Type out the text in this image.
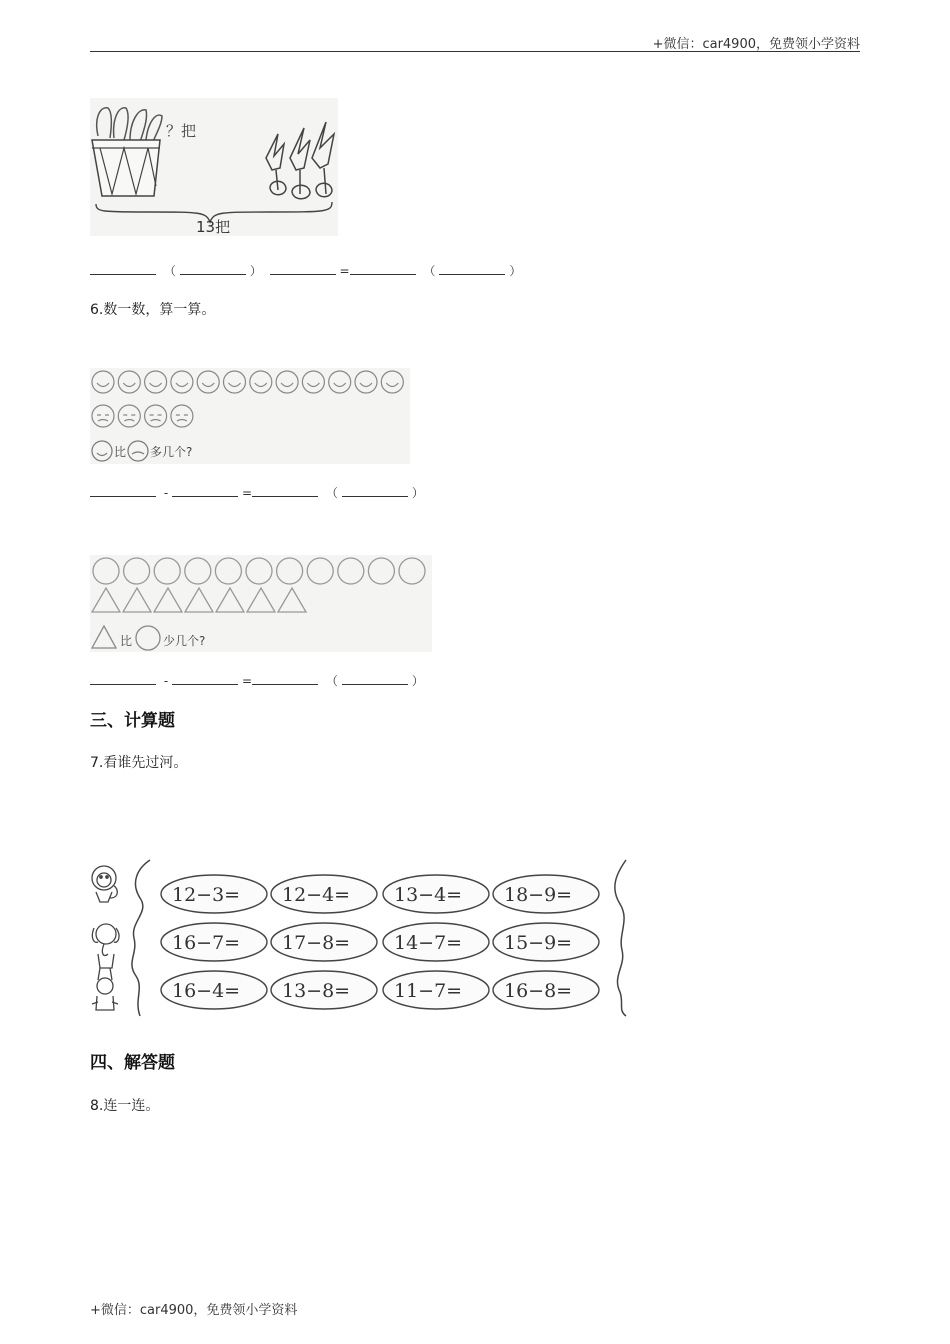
+微信：car4900，免费领小学资料
？把
13把
（	）	=	（	）
6.数一数，算一算。
比 多几个?
-	=	（	）
比	少几个?
-	=	（	）
三、计算题
7.看谁先过河。
12−3= 12−4= 13−4= 18−9=
16−7= 17−8= 14−7= 15−9=
16−4= 13−8= 11−7= 16−8=
四、解答题
8.连一连。
+微信：car4900，免费领小学资料
